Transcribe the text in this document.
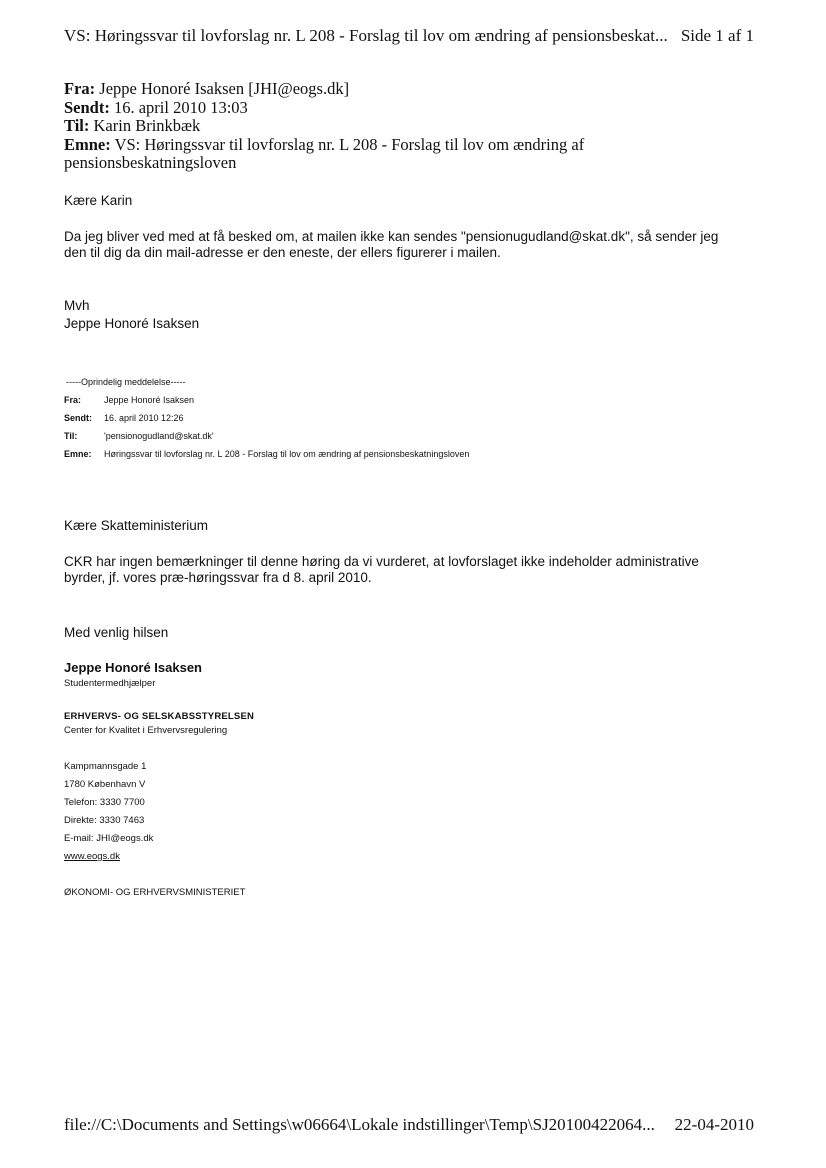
VS: Høringssvar til lovforslag nr. L 208 - Forslag til lov om ændring af pensionsbeskat... Side 1 af 1
Fra: Jeppe Honoré Isaksen [JHI@eogs.dk]
Sendt: 16. april 2010 13:03
Til: Karin Brinkbæk
Emne: VS: Høringssvar til lovforslag nr. L 208 - Forslag til lov om ændring af
pensionsbeskatningsloven
Kære Karin
Da jeg bliver ved med at få besked om, at mailen ikke kan sendes "pensionugudland@skat.dk", så sender jeg
den til dig da din mail-adresse er den eneste, der ellers figurerer i mailen.
Mvh
Jeppe Honoré Isaksen
-----Oprindelig meddelelse-----
Fra:	Jeppe Honoré Isaksen
Sendt: 16. april 2010 12:26
Til:	'pensionogudland@skat.dk'
Emne: Høringssvar til lovforslag nr. L 208 - Forslag til lov om ændring af pensionsbeskatningsloven
Kære Skatteministerium
CKR har ingen bemærkninger til denne høring da vi vurderet, at lovforslaget ikke indeholder administrative
byrder, jf. vores præ-høringssvar fra d 8. april 2010.
Med venlig hilsen
Jeppe Honoré Isaksen
Studentermedhjælper
ERHVERVS- OG SELSKABSSTYRELSEN
Center for Kvalitet i Erhvervsregulering
Kampmannsgade 1
1780 København V
Telefon: 3330 7700
Direkte: 3330 7463
E-mail: JHI@eogs.dk
www.eogs.dk
ØKONOMI- OG ERHVERVSMINISTERIET
file://C:\Documents and Settings\w06664\Lokale indstillinger\Temp\SJ20100422064... 22-04-2010
